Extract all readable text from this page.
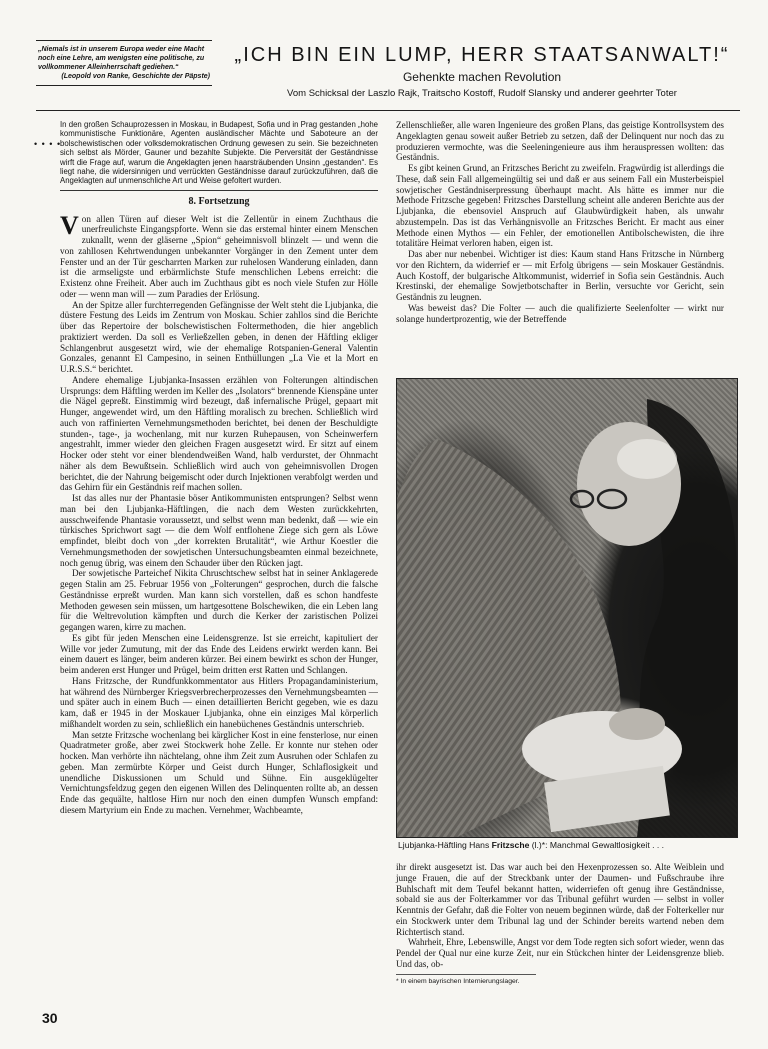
„Niemals ist in unserem Europa weder eine Macht noch eine Lehre, am wenigsten eine politische, zu vollkommener Alleinherrschaft gediehen.“
(Leopold von Ranke, Geschichte der Päpste)
„ICH BIN EIN LUMP, HERR STAATSANWALT!“
Gehenkte machen Revolution
Vom Schicksal der Laszlo Rajk, Traitscho Kostoff, Rudolf Slansky und anderer geehrter Toter
• • • •
In den großen Schauprozessen in Moskau, in Budapest, Sofia und in Prag gestanden „hohe kommunistische Funktionäre, Agenten ausländischer Mächte und Saboteure an der bolschewistischen oder volksdemokratischen Ordnung gewesen zu sein. Sie bezeichneten sich selbst als Mörder, Gauner und bezahlte Subjekte. Die Perversität der Geständnisse wirft die Frage auf, warum die Angeklagten jenen haarsträubenden Unsinn „gestanden“. Es liegt nahe, die widersinnigen und verrückten Geständnisse darauf zurückzuführen, daß die Angeklagten auf unmenschliche Art und Weise gefoltert wurden.
8. Fortsetzung

Von allen Türen auf dieser Welt ist die Zellentür in einem Zuchthaus die unerfreulichste Eingangspforte. Wenn sie das erstemal hinter einem Menschen zuknallt, wenn der gläserne „Spion“ geheimnisvoll blinzelt — und wenn die von zahllosen Kehrtwendungen unbekannter Vorgänger in den Zement unter dem Fenster und an der Tür gescharrten Marken zur ruhelosen Wanderung einladen, dann ist die armseligste und erbärmlichste Stufe menschlichen Lebens erreicht: die Existenz ohne Freiheit. Aber auch im Zuchthaus gibt es noch viele Stufen zur Hölle oder — wenn man will — zum Paradies der Erlösung.

An der Spitze aller furchterregenden Gefängnisse der Welt steht die Ljubjanka, die düstere Festung des Leids im Zentrum von Moskau. Schier zahllos sind die Berichte über das Repertoire der bolschewistischen Foltermethoden, die hier angeblich praktiziert werden. Da soll es Verließzellen geben, in denen der Häftling ekliger Schlangenbrut ausgesetzt wird, wie der ehemalige Rotspanien-General Valentin Gonzales, genannt El Campesino, in seinen Enthüllungen „La Vie et la Mort en U.R.S.S.“ berichtet.

Andere ehemalige Ljubjanka-Insassen erzählen von Folterungen altindischen Ursprungs: dem Häftling werden im Keller des „Isolators“ brennende Kienspäne unter die Nägel gepreßt. Einstimmig wird bezeugt, daß infernalische Prügel, gepaart mit Hunger, angewendet wird, um den Häftling moralisch zu brechen. Schließlich wird auch von raffinierten Vernehmungsmethoden berichtet, bei denen der Beschuldigte stunden-, tage-, ja wochenlang, mit nur kurzen Ruhepausen, von Scheinwerfern angestrahlt, immer wieder den gleichen Fragen ausgesetzt wird. Er sitzt auf einem Hocker oder steht vor einer blendendweißen Wand, halb verdurstet, der Ohnmacht näher als dem Bewußtsein. Schließlich wird auch von geheimnisvollen Drogen berichtet, die der Nahrung beigemischt oder durch Injektionen verabfolgt werden und das Gehirn für ein Geständnis reif machen sollen.

Ist das alles nur der Phantasie böser Antikommunisten entsprungen? Selbst wenn man bei den Ljubjanka-Häftlingen, die nach dem Westen zurückkehrten, ausschweifende Phantasie voraussetzt, und selbst wenn man bedenkt, daß — wie ein türkisches Sprichwort sagt — die dem Wolf entflohene Ziege sich gern als Löwe empfindet, bleibt doch von „der korrekten Brutalität“, wie Arthur Koestler die Vernehmungsmethoden der sowjetischen Untersuchungsbeamten einmal bezeichnete, noch genug übrig, was einem den Schauder über den Rücken jagt.

Der sowjetische Parteichef Nikita Chruschtschew selbst hat in seiner Anklagerede gegen Stalin am 25. Februar 1956 von „Folterungen“ gesprochen, durch die falsche Geständnisse erpreßt wurden. Man kann sich vorstellen, daß es schon handfeste Methoden gewesen sein müssen, um hartgesottene Bolschewiken, die ein Leben lang für die Weltrevolution kämpften und durch die Kerker der zaristischen Polizei gegangen waren, kirre zu machen.

Es gibt für jeden Menschen eine Leidensgrenze. Ist sie erreicht, kapituliert der Wille vor jeder Zumutung, mit der das Ende des Leidens erwirkt werden kann. Bei einem dauert es länger, beim anderen kürzer. Bei einem bewirkt es schon der Hunger, beim anderen erst Hunger und Prügel, beim dritten erst Ratten und Schlangen.

Hans Fritzsche, der Rundfunkkommentator aus Hitlers Propagandaministerium, hat während des Nürnberger Kriegsverbrecherprozesses den Vernehmungsbeamten — und später auch in einem Buch — einen detaillierten Bericht gegeben, wie es dazu kam, daß er 1945 in der Moskauer Ljubjanka, ohne ein einziges Mal körperlich mißhandelt worden zu sein, schließlich ein hanebüchenes Geständnis unterschrieb.

Man setzte Fritzsche wochenlang bei kärglicher Kost in eine fensterlose, nur einen Quadratmeter große, aber zwei Stockwerk hohe Zelle. Er konnte nur stehen oder hocken. Man verhörte ihn nächtelang, ohne ihm Zeit zum Ausruhen oder Schlafen zu geben. Man zermürbte Körper und Geist durch Hunger, Schlaflosigkeit und unendliche Diskussionen um Schuld und Sühne. Ein ausgeklügelter Vernichtungsfeldzug gegen den eigenen Willen des Delinquenten rollte ab, an dessen Ende das gequälte, haltlose Hirn nur noch den einen dumpfen Wunsch empfand: diesem Martyrium ein Ende zu machen. Vernehmer, Wachbeamte,

Zellenschließer, alle waren Ingenieure des großen Plans, das geistige Kontrollsystem des Angeklagten genau soweit außer Betrieb zu setzen, daß der Delinquent nur noch das zu produzieren vermochte, was die Seeleningenieure aus ihm herauspressen wollten: das Geständnis.

Es gibt keinen Grund, an Fritzsches Bericht zu zweifeln. Fragwürdig ist allerdings die These, daß sein Fall allgemeingültig sei und daß er aus seinem Fall ein Musterbeispiel sowjetischer Geständniserpressung überhaupt macht. Als hätte es immer nur die Methode Fritzsche gegeben! Fritzsches Darstellung scheint alle anderen Berichte aus der Ljubjanka, die ebensoviel Anspruch auf Glaubwürdigkeit haben, als unwahr abzustempeln. Das ist das Verhängnisvolle an Fritzsches Bericht. Er macht aus einer Methode einen Mythos — ein Fehler, der emotionellen Antibolschewisten, die ihre totalitäre Heimat verloren haben, eigen ist.

Das aber nur nebenbei. Wichtiger ist dies: Kaum stand Hans Fritzsche in Nürnberg vor den Richtern, da widerrief er — mit Erfolg übrigens — sein Moskauer Geständnis. Auch Kostoff, der bulgarische Altkommunist, widerrief in Sofia sein Geständnis. Auch Krestinski, der ehemalige Sowjetbotschafter in Berlin, versuchte vor Gericht, sein Geständnis zu leugnen.

Was beweist das? Die Folter — auch die qualifizierte Seelenfolter — wirkt nur solange hundertprozentig, wie der Betreffende

Ljubjanka-Häftling Hans Fritzsche (l.)*: Manchmal Gewaltlosigkeit . . .

ihr direkt ausgesetzt ist. Das war auch bei den Hexenprozessen so. Alte Weiblein und junge Frauen, die auf der Streckbank unter der Daumen- und Fußschraube ihre Buhlschaft mit dem Teufel bekannt hatten, widerriefen oft genug ihre Geständnisse, sobald sie aus der Folterkammer vor das Tribunal geführt wurden — selbst in voller Kenntnis der Gefahr, daß die Folter von neuem beginnen würde, daß der Folterkeller nur ein Stockwerk unter dem Tribunal lag und der Schinder bereits wartend neben dem Richtertisch stand.

Wahrheit, Ehre, Lebenswille, Angst vor dem Tode regten sich sofort wieder, wenn das Pendel der Qual nur eine kurze Zeit, nur ein Stückchen hinter der Leidensgrenze blieb. Und das, ob-

* In einem bayrischen Internierungslager.
30
